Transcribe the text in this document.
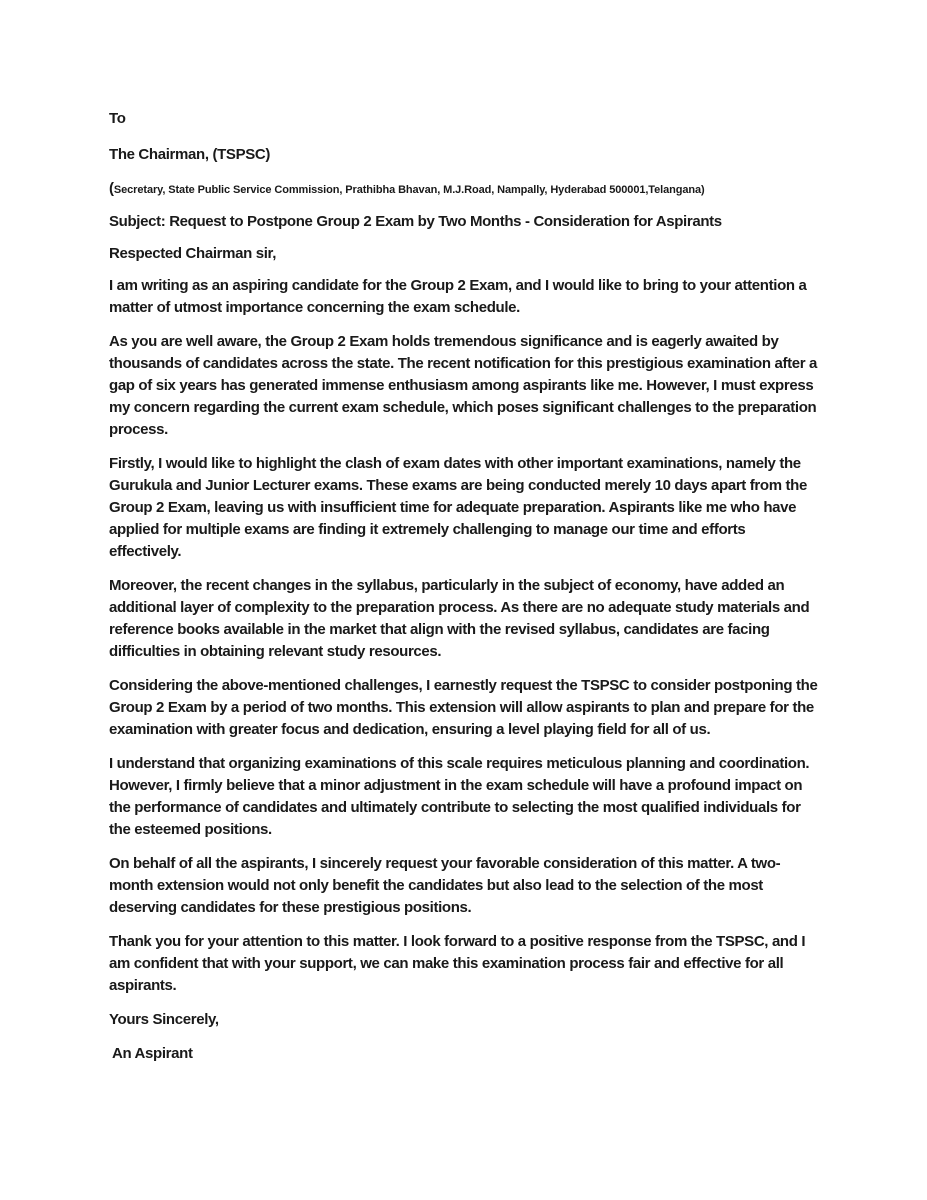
To

The Chairman, (TSPSC)

(Secretary, State Public Service Commission, Prathibha Bhavan, M.J.Road, Nampally, Hyderabad 500001,Telangana)

Subject: Request to Postpone Group 2 Exam by Two Months - Consideration for Aspirants

Respected Chairman sir,

I am writing as an aspiring candidate for the Group 2 Exam, and I would like to bring to your attention a matter of utmost importance concerning the exam schedule.

As you are well aware, the Group 2 Exam holds tremendous significance and is eagerly awaited by thousands of candidates across the state. The recent notification for this prestigious examination after a gap of six years has generated immense enthusiasm among aspirants like me. However, I must express my concern regarding the current exam schedule, which poses significant challenges to the preparation process.

Firstly, I would like to highlight the clash of exam dates with other important examinations, namely the Gurukula and Junior Lecturer exams. These exams are being conducted merely 10 days apart from the Group 2 Exam, leaving us with insufficient time for adequate preparation. Aspirants like me who have applied for multiple exams are finding it extremely challenging to manage our time and efforts effectively.

Moreover, the recent changes in the syllabus, particularly in the subject of economy, have added an additional layer of complexity to the preparation process. As there are no adequate study materials and reference books available in the market that align with the revised syllabus, candidates are facing difficulties in obtaining relevant study resources.

Considering the above-mentioned challenges, I earnestly request the TSPSC to consider postponing the Group 2 Exam by a period of two months. This extension will allow aspirants to plan and prepare for the examination with greater focus and dedication, ensuring a level playing field for all of us.

I understand that organizing examinations of this scale requires meticulous planning and coordination. However, I firmly believe that a minor adjustment in the exam schedule will have a profound impact on the performance of candidates and ultimately contribute to selecting the most qualified individuals for the esteemed positions.

On behalf of all the aspirants, I sincerely request your favorable consideration of this matter. A two-month extension would not only benefit the candidates but also lead to the selection of the most deserving candidates for these prestigious positions.

Thank you for your attention to this matter. I look forward to a positive response from the TSPSC, and I am confident that with your support, we can make this examination process fair and effective for all aspirants.

Yours Sincerely,

An Aspirant
